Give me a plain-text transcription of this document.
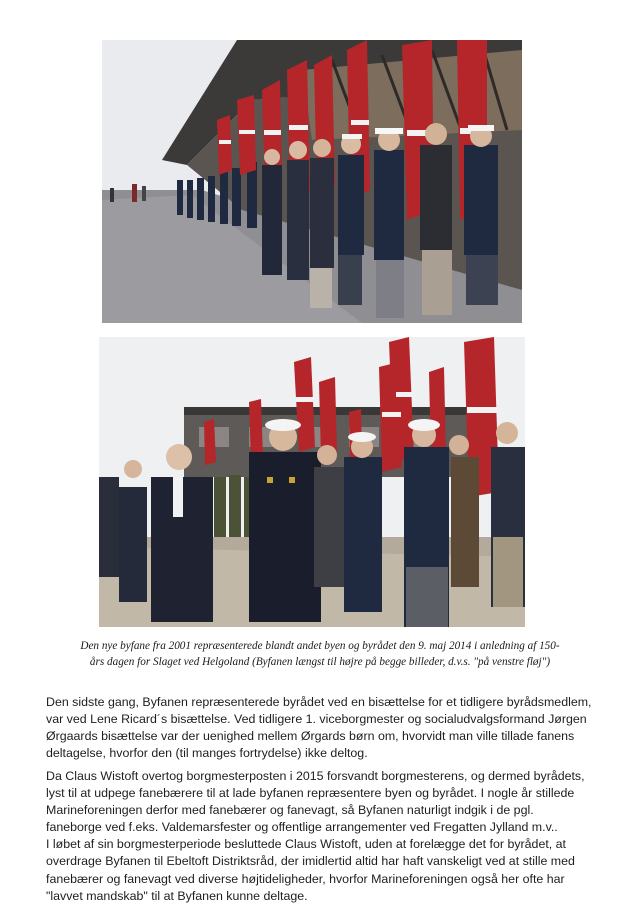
Den nye byfane fra 2001 repræsenterede blandt andet byen og byrådet den 9. maj 2014 i anledning af 150-
års dagen for Slaget ved Helgoland (Byfanen længst til højre på begge billeder, d.v.s. "på venstre fløj")

Den sidste gang, Byfanen repræsenterede byrådet ved en bisættelse for et tidligere byrådsmedlem,
var ved Lene Ricard´s bisættelse. Ved tidligere 1. viceborgmester og socialudvalgsformand Jørgen
Ørgaards bisættelse var der uenighed mellem Ørgards børn om, hvorvidt man ville tillade fanens
deltagelse, hvorfor den (til manges fortrydelse) ikke deltog.

Da Claus Wistoft overtog borgmesterposten i 2015 forsvandt borgmesterens, og dermed byrådets,
lyst til at udpege fanebærere til at lade byfanen repræsentere byen og byrådet. I nogle år stillede
Marineforeningen derfor med fanebærer og fanevagt, så Byfanen naturligt indgik i de pgl.
faneborge ved f.eks. Valdemarsfester og offentlige arrangementer ved Fregatten Jylland m.v..
I løbet af sin borgmesterperiode besluttede Claus Wistoft, uden at forelægge det for byrådet, at
overdrage Byfanen til Ebeltoft Distriktsråd, der imidlertid altid har haft vanskeligt ved at stille med
fanebærer og fanevagt ved diverse højtideligheder, hvorfor Marineforeningen også her ofte har
"lavvet mandskab" til at Byfanen kunne deltage.
